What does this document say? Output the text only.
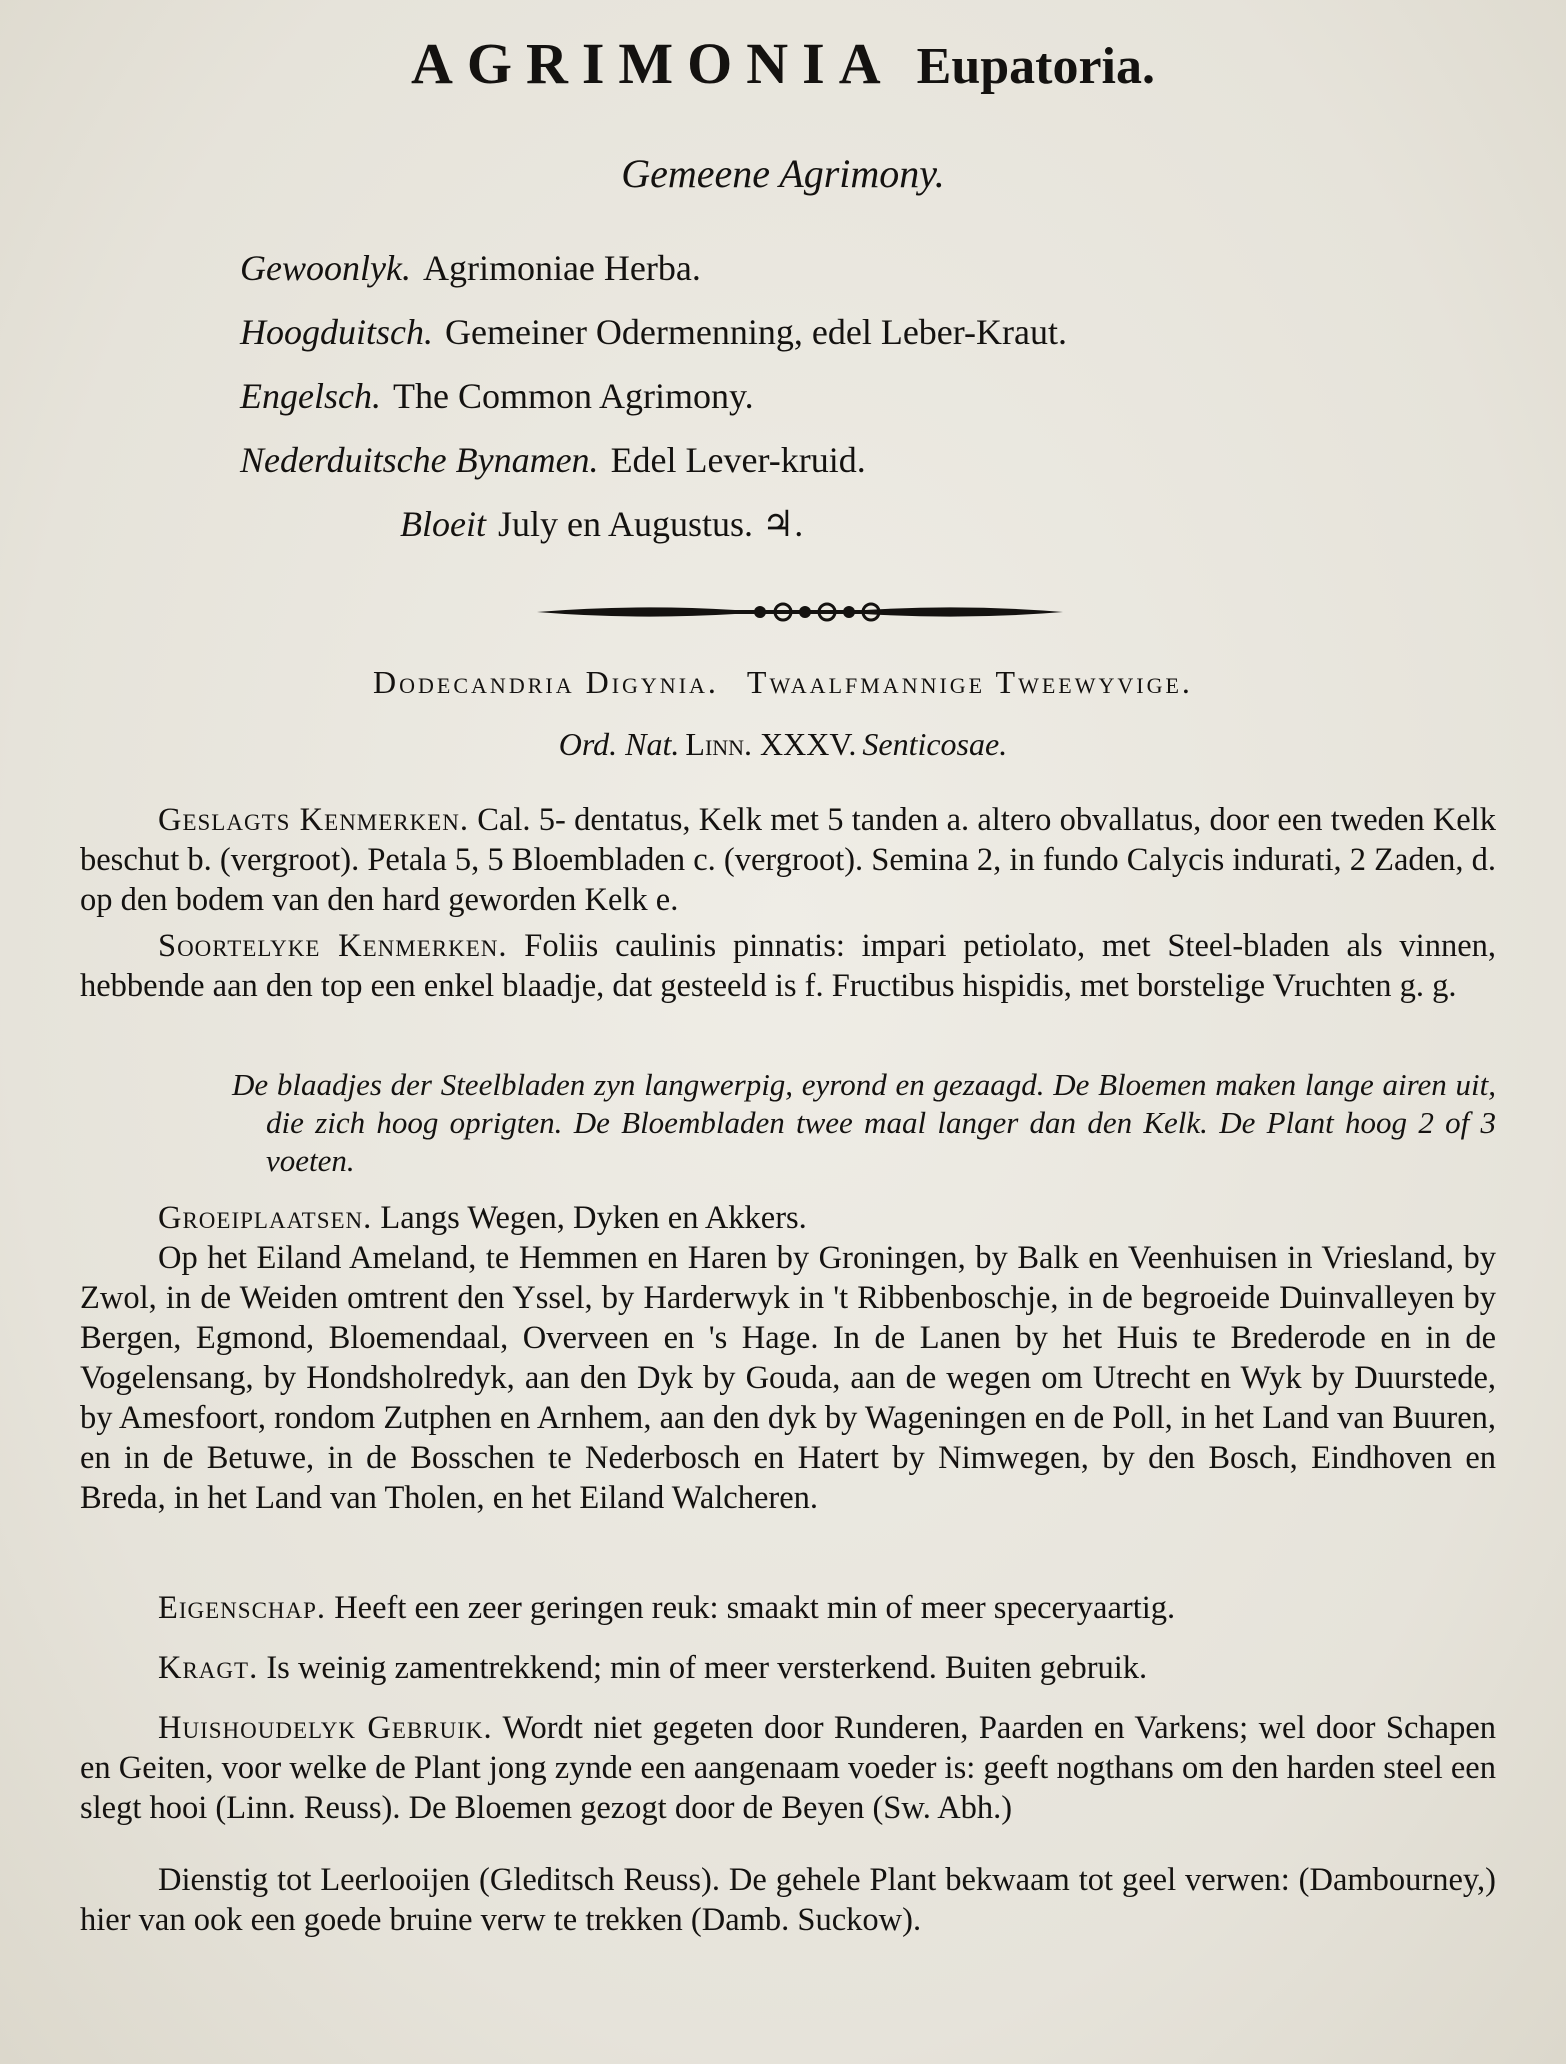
AGRIMONIA Eupatoria.
Gemeene Agrimony.
Gewoonlyk. Agrimoniae Herba.
Hoogduitsch. Gemeiner Odermenning, edel Leber-Kraut.
Engelsch. The Common Agrimony.
Nederduitsche Bynamen. Edel Lever-kruid.
Bloeit July en Augustus. ♃.
Dodecandria Digynia. Twaalfmannige Tweewyvige.
Ord. Nat. Linn. XXXV. Senticosae.

Geslagts Kenmerken. Cal. 5- dentatus, Kelk met 5 tanden a. altero obvallatus, door een tweden Kelk beschut b. (vergroot). Petala 5, 5 Bloembladen c. (vergroot). Semina 2, in fundo Calycis indurati, 2 Zaden, d. op den bodem van den hard geworden Kelk e.

Soortelyke Kenmerken. Foliis caulinis pinnatis: impari petiolato, met Steel-bladen als vinnen, hebbende aan den top een enkel blaadje, dat gesteeld is f. Fructibus hispidis, met borstelige Vruchten g. g.

De blaadjes der Steelbladen zyn langwerpig, eyrond en gezaagd. De Bloemen maken lange airen uit, die zich hoog oprigten. De Bloembladen twee maal langer dan den Kelk. De Plant hoog 2 of 3 voeten.

Groeiplaatsen. Langs Wegen, Dyken en Akkers.

Op het Eiland Ameland, te Hemmen en Haren by Groningen, by Balk en Veenhuisen in Vriesland, by Zwol, in de Weiden omtrent den Yssel, by Harderwyk in 't Ribbenboschje, in de begroeide Duinvalleyen by Bergen, Egmond, Bloemendaal, Overveen en 's Hage. In de Lanen by het Huis te Brederode en in de Vogelensang, by Hondsholredyk, aan den Dyk by Gouda, aan de wegen om Utrecht en Wyk by Duurstede, by Amesfoort, rondom Zutphen en Arnhem, aan den dyk by Wageningen en de Poll, in het Land van Buuren, en in de Betuwe, in de Bosschen te Nederbosch en Hatert by Nimwegen, by den Bosch, Eindhoven en Breda, in het Land van Tholen, en het Eiland Walcheren.

Eigenschap. Heeft een zeer geringen reuk: smaakt min of meer speceryaartig.

Kragt. Is weinig zamentrekkend; min of meer versterkend. Buiten gebruik.

Huishoudelyk Gebruik. Wordt niet gegeten door Runderen, Paarden en Varkens; wel door Schapen en Geiten, voor welke de Plant jong zynde een aangenaam voeder is: geeft nogthans om den harden steel een slegt hooi (Linn. Reuss). De Bloemen gezogt door de Beyen (Sw. Abh.)

Dienstig tot Leerlooijen (Gleditsch Reuss). De gehele Plant bekwaam tot geel verwen: (Dambourney,) hier van ook een goede bruine verw te trekken (Damb. Suckow).
